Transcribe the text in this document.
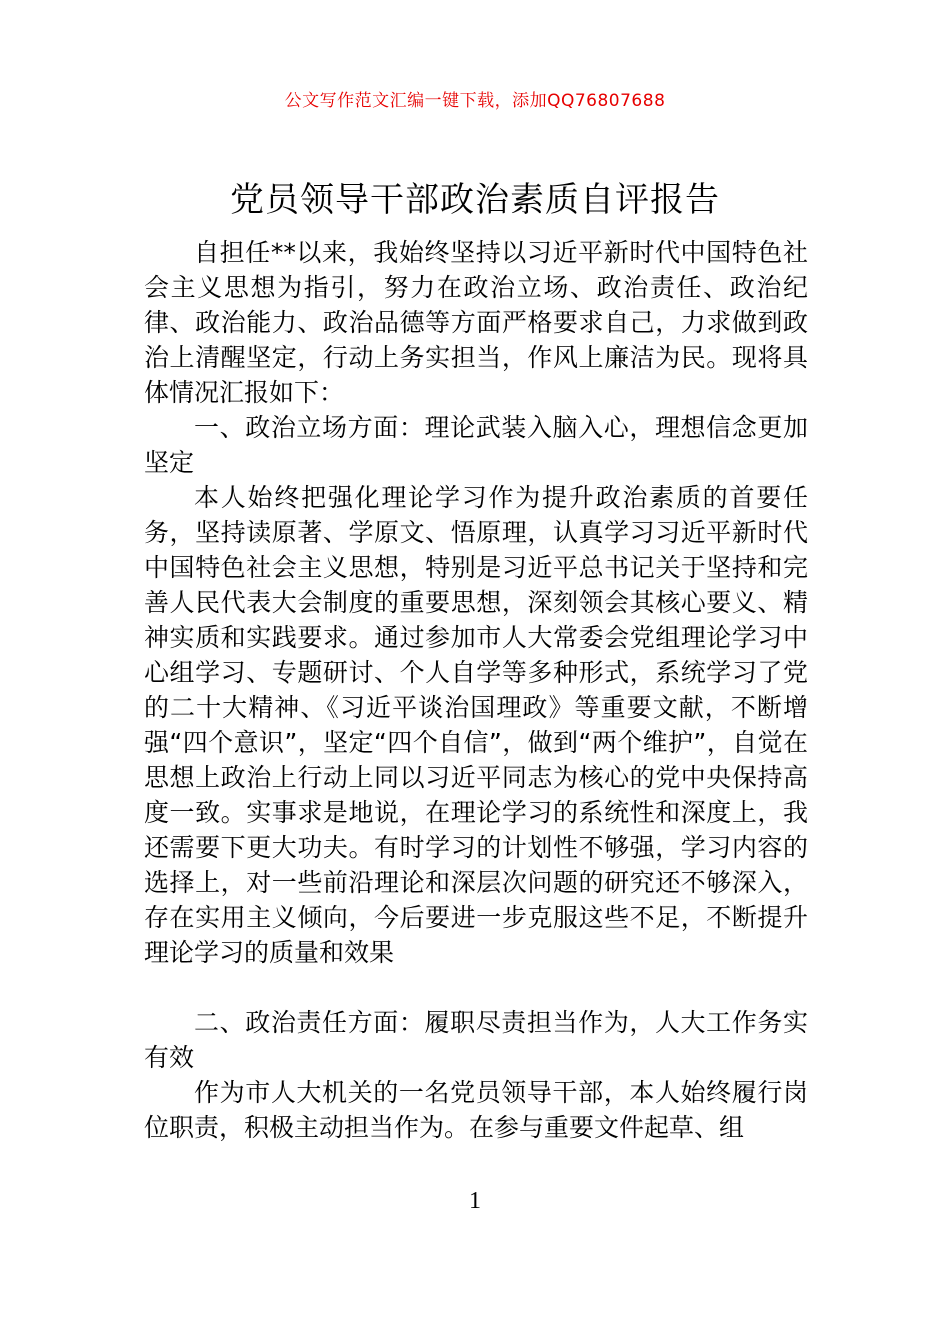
公文写作范文汇编一键下载，添加QQ76807688
党员领导干部政治素质自评报告

自担任**以来，我始终坚持以习近平新时代中国特色社会主义思想为指引，努力在政治立场、政治责任、政治纪律、政治能力、政治品德等方面严格要求自己，力求做到政治上清醒坚定，行动上务实担当，作风上廉洁为民。现将具体情况汇报如下：

一、政治立场方面：理论武装入脑入心，理想信念更加坚定

本人始终把强化理论学习作为提升政治素质的首要任务，坚持读原著、学原文、悟原理，认真学习习近平新时代中国特色社会主义思想，特别是习近平总书记关于坚持和完善人民代表大会制度的重要思想，深刻领会其核心要义、精神实质和实践要求。通过参加市人大常委会党组理论学习中心组学习、专题研讨、个人自学等多种形式，系统学习了党的二十大精神、《习近平谈治国理政》等重要文献，不断增强“四个意识”，坚定“四个自信”，做到“两个维护”，自觉在思想上政治上行动上同以习近平同志为核心的党中央保持高度一致。实事求是地说，在理论学习的系统性和深度上，我还需要下更大功夫。有时学习的计划性不够强，学习内容的选择上，对一些前沿理论和深层次问题的研究还不够深入，存在实用主义倾向，今后要进一步克服这些不足，不断提升理论学习的质量和效果

二、政治责任方面：履职尽责担当作为，人大工作务实有效

作为市人大机关的一名党员领导干部，本人始终履行岗位职责，积极主动担当作为。在参与重要文件起草、组

1
